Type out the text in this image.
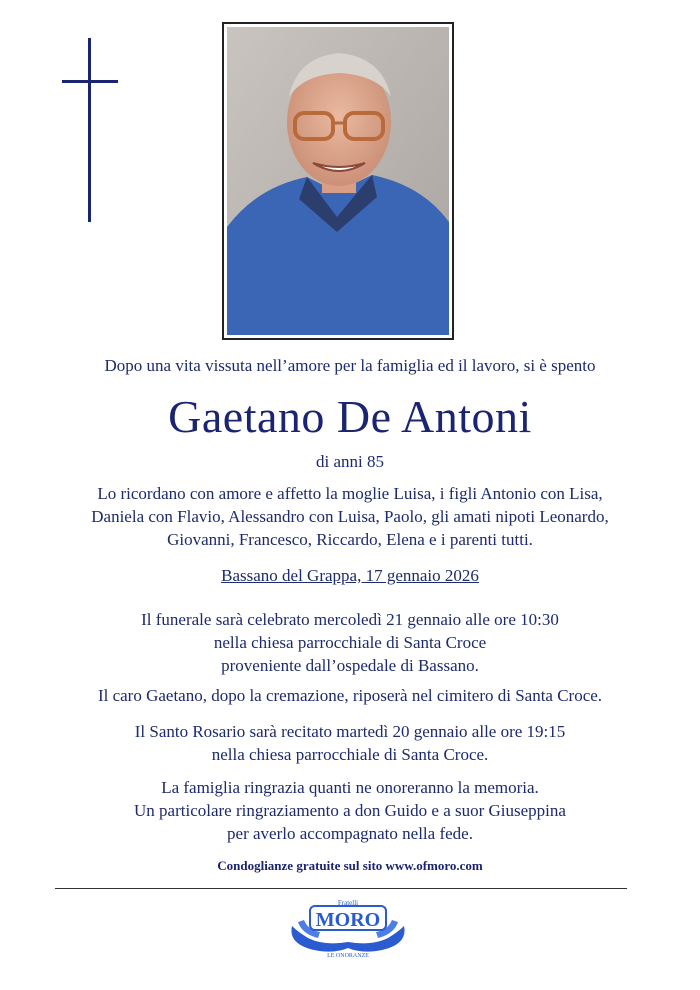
Dopo una vita vissuta nell’amore per la famiglia ed il lavoro, si è spento

Gaetano De Antoni

di anni 85

Lo ricordano con amore e affetto la moglie Luisa, i figli Antonio con Lisa,
Daniela con Flavio, Alessandro con Luisa, Paolo, gli amati nipoti Leonardo,
Giovanni, Francesco, Riccardo, Elena e i parenti tutti.

Bassano del Grappa, 17 gennaio 2026

Il funerale sarà celebrato mercoledì 21 gennaio alle ore 10:30
nella chiesa parrocchiale di Santa Croce
proveniente dall’ospedale di Bassano.

Il caro Gaetano, dopo la cremazione, riposerà nel cimitero di Santa Croce.

Il Santo Rosario sarà recitato martedì 20 gennaio alle ore 19:15
nella chiesa parrocchiale di Santa Croce.

La famiglia ringrazia quanti ne onoreranno la memoria.
Un particolare ringraziamento a don Guido e a suor Giuseppina
per averlo accompagnato nella fede.

Condoglianze gratuite sul sito www.ofmoro.com

Fratelli
MORO
LE ONORANZE
